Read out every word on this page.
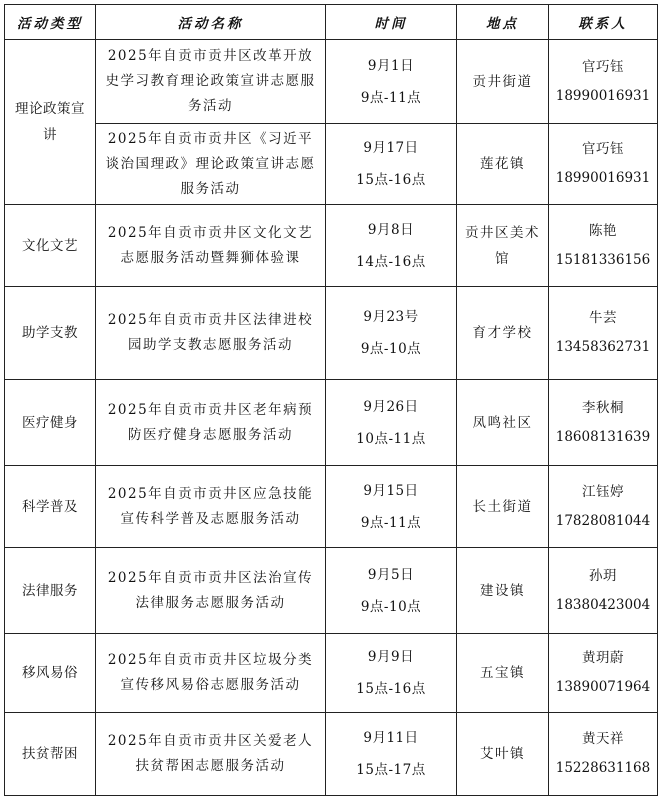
活动类型	活动名称	时间	地点	联系人
理论政策宣讲	2025年自贡市贡井区改革开放史学习教育理论政策宣讲志愿服务活动	9月1日
9点-11点	贡井街道	官巧钰
18990016931

	2025年自贡市贡井区《习近平谈治国理政》理论政策宣讲志愿服务活动	9月17日
15点-16点	莲花镇	官巧钰
18990016931

文化文艺	2025年自贡市贡井区文化文艺志愿服务活动暨舞狮体验课	9月8日
14点-16点	贡井区美术馆	陈艳
15181336156

助学支教	2025年自贡市贡井区法律进校园助学支教志愿服务活动	9月23号
9点-10点	育才学校	牛芸
13458362731

医疗健身	2025年自贡市贡井区老年病预防医疗健身志愿服务活动	9月26日
10点-11点	凤鸣社区	李秋桐
18608131639

科学普及	2025年自贡市贡井区应急技能宣传科学普及志愿服务活动	9月15日
9点-11点	长土街道	江钰婷
17828081044

法律服务	2025年自贡市贡井区法治宣传法律服务志愿服务活动	9月5日
9点-10点	建设镇	孙玥
18380423004

移风易俗	2025年自贡市贡井区垃圾分类宣传移风易俗志愿服务活动	9月9日
15点-16点	五宝镇	黄玥蔚
13890071964

扶贫帮困	2025年自贡市贡井区关爱老人扶贫帮困志愿服务活动	9月11日
15点-17点	艾叶镇	黄天祥
15228631168
